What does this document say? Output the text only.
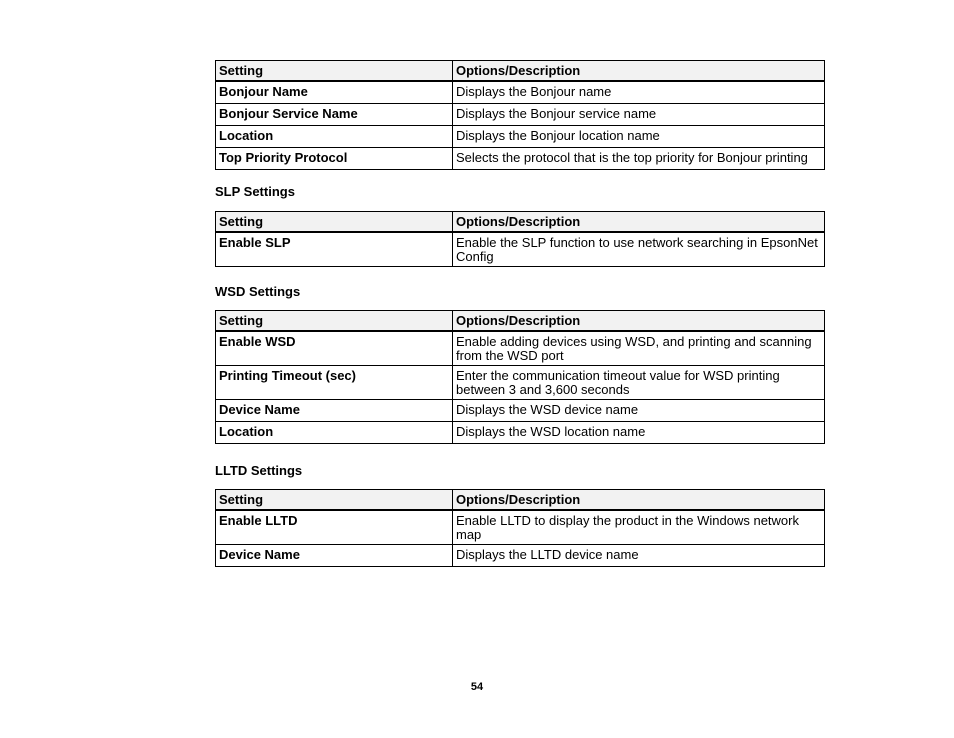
Setting	Options/Description
Bonjour Name	Displays the Bonjour name
Bonjour Service Name	Displays the Bonjour service name
Location	Displays the Bonjour location name
Top Priority Protocol	Selects the protocol that is the top priority for Bonjour printing
SLP Settings
Setting	Options/Description
Enable SLP	Enable the SLP function to use network searching in EpsonNet Config
WSD Settings
Setting	Options/Description
Enable WSD	Enable adding devices using WSD, and printing and scanning from the WSD port
Printing Timeout (sec)	Enter the communication timeout value for WSD printing between 3 and 3,600 seconds
Device Name	Displays the WSD device name
Location	Displays the WSD location name
LLTD Settings
Setting	Options/Description
Enable LLTD	Enable LLTD to display the product in the Windows network map
Device Name	Displays the LLTD device name
54
